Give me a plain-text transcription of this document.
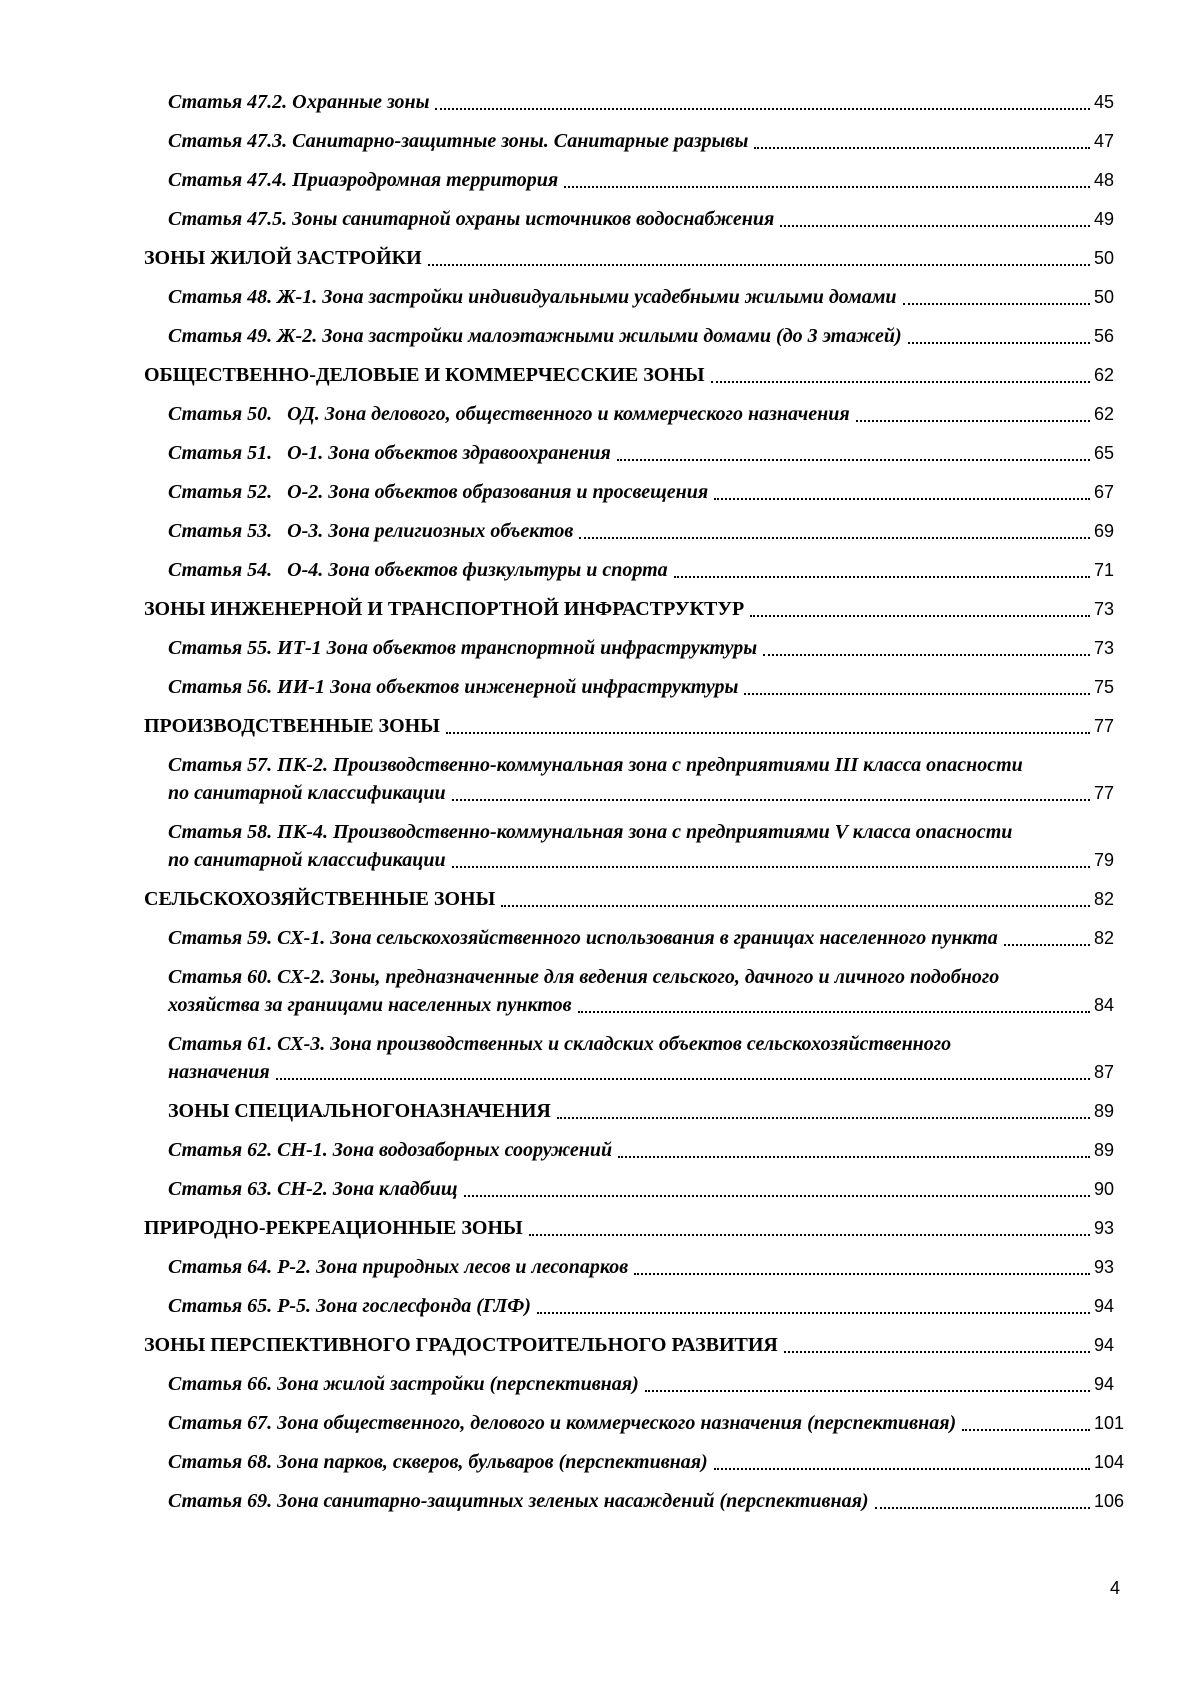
Статья 47.2. Охранные зоны	45
Статья 47.3. Санитарно-защитные зоны. Санитарные разрывы	47
Статья 47.4. Приаэродромная территория	48
Статья 47.5. Зоны санитарной охраны источников водоснабжения	49
ЗОНЫ ЖИЛОЙ ЗАСТРОЙКИ	50
Статья 48. Ж-1. Зона застройки индивидуальными усадебными жилыми домами	50
Статья 49. Ж-2. Зона застройки малоэтажными жилыми домами (до 3 этажей)	56
ОБЩЕСТВЕННО-ДЕЛОВЫЕ И КОММЕРЧЕССКИЕ ЗОНЫ	62
Статья 50.   ОД. Зона делового, общественного и коммерческого назначения	62
Статья 51.   О-1. Зона объектов здравоохранения	65
Статья 52.   О-2. Зона объектов образования и просвещения	67
Статья 53.   О-3. Зона религиозных объектов	69
Статья 54.   О-4. Зона объектов физкультуры и спорта	71
ЗОНЫ ИНЖЕНЕРНОЙ И ТРАНСПОРТНОЙ ИНФРАСТРУКТУР	73
Статья 55. ИТ-1 Зона объектов транспортной инфраструктуры	73
Статья 56. ИИ-1 Зона объектов инженерной инфраструктуры	75
ПРОИЗВОДСТВЕННЫЕ ЗОНЫ	77
Статья 57. ПК-2. Производственно-коммунальная зона с предприятиями III класса опасности
по санитарной классификации	77
Статья 58. ПК-4. Производственно-коммунальная зона с предприятиями V класса опасности
по санитарной классификации	79
СЕЛЬСКОХОЗЯЙСТВЕННЫЕ ЗОНЫ	82
Статья 59. СХ-1. Зона сельскохозяйственного использования в границах населенного пункта	82
Статья 60. СХ-2. Зоны, предназначенные для ведения сельского, дачного и личного подобного
хозяйства за границами населенных пунктов	84
Статья 61. СХ-3. Зона производственных и складских объектов сельскохозяйственного
назначения	87
ЗОНЫ СПЕЦИАЛЬНОГОНАЗНАЧЕНИЯ	89
Статья 62. СН-1. Зона водозаборных сооружений	89
Статья 63. СН-2. Зона кладбищ	90
ПРИРОДНО-РЕКРЕАЦИОННЫЕ ЗОНЫ	93
Статья 64. Р-2. Зона природных лесов и лесопарков	93
Статья 65. Р-5. Зона гослесфонда (ГЛФ)	94
ЗОНЫ ПЕРСПЕКТИВНОГО ГРАДОСТРОИТЕЛЬНОГО РАЗВИТИЯ	94
Статья 66. Зона жилой застройки (перспективная)	94
Статья 67. Зона общественного, делового и коммерческого назначения (перспективная)	101
Статья 68. Зона парков, скверов, бульваров (перспективная)	104
Статья 69. Зона санитарно-защитных зеленых насаждений (перспективная)	106
4
